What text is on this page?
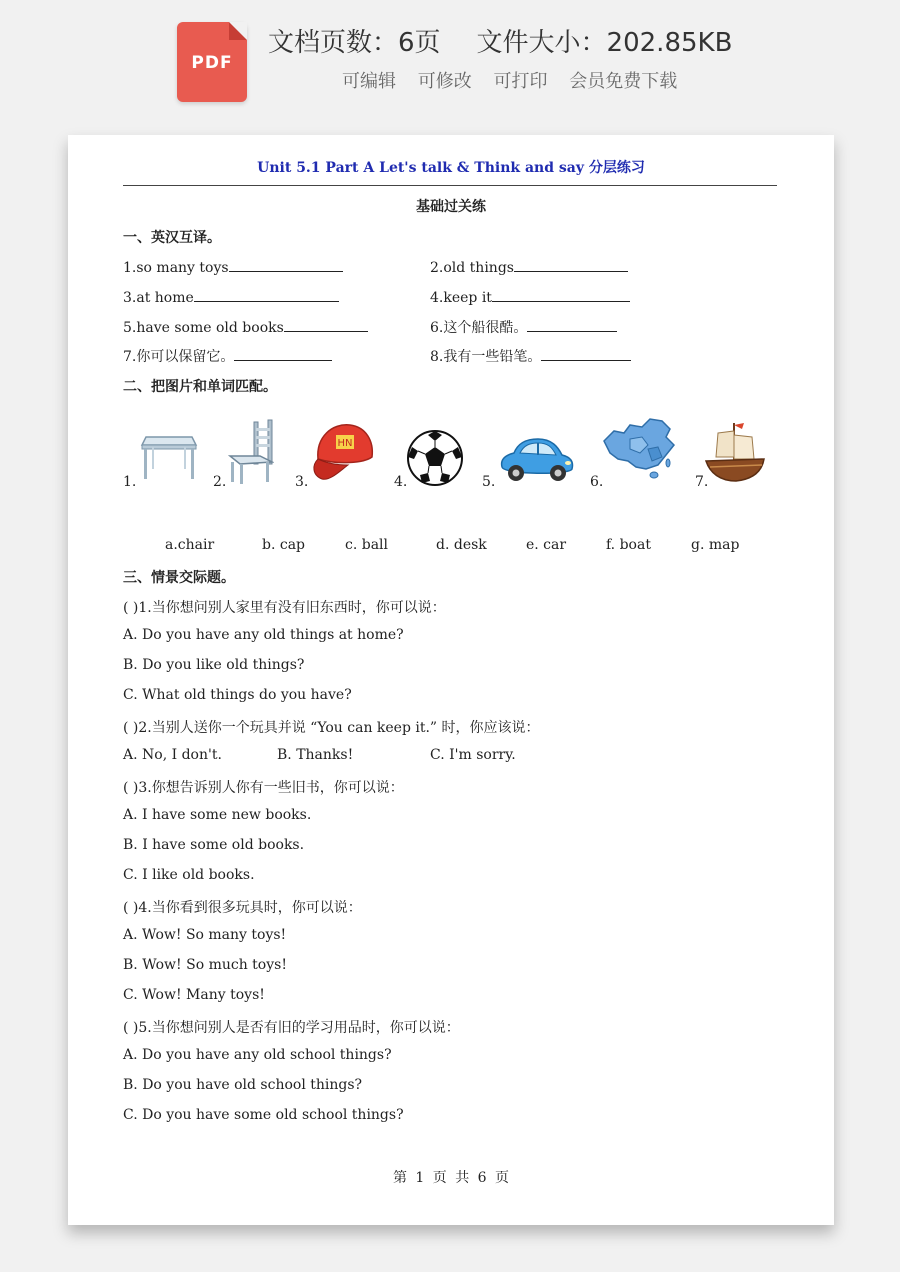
PDF
文档页数：6页 文件大小：202.85KB
可编辑 可修改 可打印 会员免费下载
Unit 5.1 Part A Let's talk & Think and say 分层练习
基础过关练
一、英汉互译。
1.so many toys	2.old things
3.at home	4.keep it
5.have some old books	6.这个船很酷。
7.你可以保留它。	8.我有一些铅笔。
二、把图片和单词匹配。
1.	2.	3.
HN
4.	5.	6.	7.
a.chair	b. cap	c. ball	d. desk	e. car	f. boat	g. map
三、情景交际题。
( )1.当你想问别人家里有没有旧东西时，你可以说：
A. Do you have any old things at home?
B. Do you like old things?
C. What old things do you have?
( )2.当别人送你一个玩具并说 “You can keep it.” 时，你应该说：
A. No, I don't.	B. Thanks!	C. I'm sorry.
( )3.你想告诉别人你有一些旧书，你可以说：
A. I have some new books.
B. I have some old books.
C. I like old books.
( )4.当你看到很多玩具时，你可以说：
A. Wow! So many toys!
B. Wow! So much toys!
C. Wow! Many toys!
( )5.当你想问别人是否有旧的学习用品时，你可以说：
A. Do you have any old school things?
B. Do you have old school things?
C. Do you have some old school things?
第 1 页 共 6 页
